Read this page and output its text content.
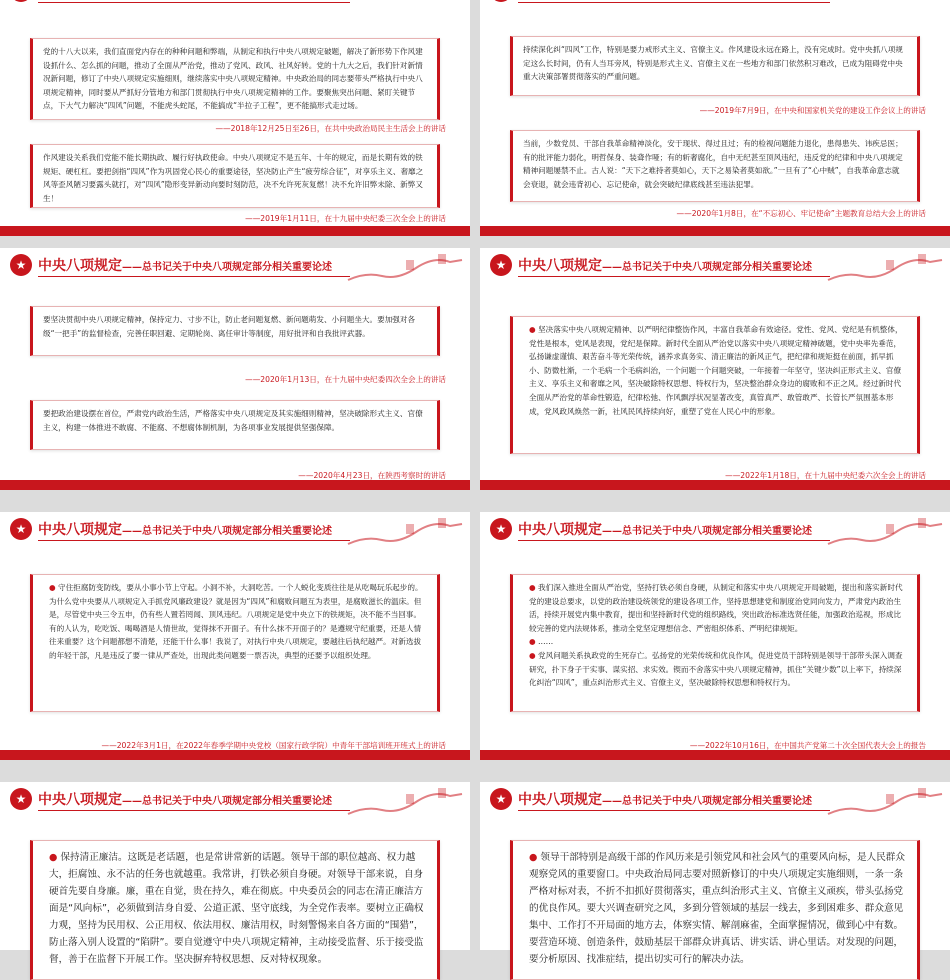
党的十八大以来，我们直面党内存在的种种问题和弊端，从制定和执行中央八项规定破题，解决了新形势下作风建设抓什么、怎么抓的问题，推动了全面从严治党，推动了党风、政风、社风好转。党的十九大之后，我们针对新情况新问题，修订了中央八项规定实施细则，继续落实中央八项规定精神。中央政治局的同志要带头严格执行中央八项规定精神，同时要从严抓好分管地方和部门贯彻执行中央八项规定精神的工作。要聚焦突出问题、紧盯关键节点，下大气力解决“四风”问题，不能虎头蛇尾，不能搞成“半拉子工程”，更不能搞形式走过场。

——2018年12月25日至26日，在共中央政治局民主生活会上的讲话

作风建设关系我们党能不能长期执政、履行好执政使命。中央八项规定不是五年、十年的规定，而是长期有效的铁规矩、硬杠杠。要把剑指“四风”作为巩固党心民心的重要途径，坚决防止产生“疲劳综合征”，对享乐主义、奢靡之风等歪风陋习要露头就打，对“四风”隐形变异新动向要时刻防范，决不允许死灰复燃！决不允许旧弊未除、新弊又生！

——2019年1月11日，在十九届中央纪委三次全会上的讲话

持续深化纠“四风”工作，特别是要力戒形式主义、官僚主义。作风建设永远在路上，没有完成时。党中央抓八项规定这么长时间，仍有人当耳旁风，特别是形式主义、官僚主义在一些地方和部门依然积习难改，已成为阻碍党中央重大决策部署贯彻落实的严重问题。

——2019年7月9日，在中央和国家机关党的建设工作会议上的讲话

当前，少数党员、干部自我革命精神淡化，安于现状、得过且过；有的检视问题能力退化，患得患失、讳疾忌医；有的批评能力弱化，明哲保身、装聋作哑；有的斩奢腐化，自中无纪甚至顶风违纪，违反党的纪律和中央八项规定精神问题屡禁不止。古人说：“天下之难持者莫如心，天下之易染者莫如欲。”一旦有了“心中贼”，自我革命意志就会衰退，就会违背初心、忘记使命，就会突破纪律底线甚至违法犯罪。

——2020年1月8日，在“不忘初心、牢记使命”主题教育总结大会上的讲话
★ 中央八项规定——总书记关于中央八项规定部分相关重要论述

要坚决贯彻中央八项规定精神，保持定力、寸步不让，防止老问题复燃、新问题萌发、小问题坐大。要加强对各级“一把手”的监督检查，完善任职回避、定期轮岗、离任审计等制度，用好批评和自我批评武器。

——2020年1月13日，在十九届中央纪委四次全会上的讲话

要把政治建设摆在首位，严肃党内政治生活，严格落实中央八项规定及其实施细则精神，坚决破除形式主义、官僚主义，构建一体推进不敢腐、不能腐、不想腐体制机制，为各项事业发展提供坚强保障。

——2020年4月23日，在陕西考察时的讲话
★ 中央八项规定——总书记关于中央八项规定部分相关重要论述

● 坚决落实中央八项规定精神、以严明纪律整饬作风，丰富自我革命有效途径。党性、党风、党纪是有机整体，党性是根本，党风是表现，党纪是保障。新时代全面从严治党以落实中央八项规定精神破题，党中央率先垂范，弘扬谦虚谨慎、艰苦奋斗等光荣传统，涵养求真务实、清正廉洁的新风正气，把纪律和规矩挺在前面，抓早抓小、防微杜渐，一个毛病一个毛病纠治，一个问题一个问题突破，一年接着一年坚守，坚决纠正形式主义、官僚主义、享乐主义和奢靡之风，坚决破除特权思想、特权行为，坚决整治群众身边的腐败和不正之风。经过新时代全面从严治党的革命性锻造，纪律松弛、作风飘浮状况显著改变，真管真严、敢管敢严、长管长严氛围基本形成，党风政风焕然一新，社风民风持续向好，重塑了党在人民心中的形象。

——2022年1月18日，在十九届中央纪委六次全会上的讲话
★ 中央八项规定——总书记关于中央八项规定部分相关重要论述

● 守住拒腐防变防线，要从小事小节上守起。小洞不补，大洞吃苦。一个人蜕化变质往往是从吃喝玩乐起步的。为什么党中央要从八项规定入手抓党风廉政建设？就是因为“四风”和腐败问题互为表里，是腐败滋长的温床。但是，尽管党中央三令五申，仍有些人置若罔闻、顶风违纪。八项规定是党中央立下的铁规矩，决不能不当回事。有的人认为，吃吃饭、喝喝酒是人情世故，觉得抹不开面子。有什么抹不开面子的？是遵规守纪重要，还是人情往来重要？这个问题都想不清楚，还能干什么事！我说了，对执行中央八项规定，要越往后执纪越严。对新选拔的年轻干部，凡是违反了要一律从严查处，出现此类问题要一票否决，典型的还要予以组织处理。

——2022年3月1日，在2022年春季学期中央党校（国家行政学院）中青年干部培训班开班式上的讲话
★ 中央八项规定——总书记关于中央八项规定部分相关重要论述

● 我们深入推进全面从严治党，坚持打铁必须自身硬，从制定和落实中央八项规定开局破题，提出和落实新时代党的建设总要求，以党的政治建设统领党的建设各项工作，坚持思想建党和制度治党同向发力，严肃党内政治生活，持续开展党内集中教育，提出和坚持新时代党的组织路线，突出政治标准选贤任能，加强政治巡视，形成比较完善的党内法规体系，推动全党坚定理想信念、严密组织体系、严明纪律规矩。
● ……
● 党风问题关系执政党的生死存亡。弘扬党的光荣传统和优良作风，促进党员干部特别是领导干部带头深入调查研究，扑下身子干实事、谋实招、求实效。锲而不舍落实中央八项规定精神，抓住“关键少数”以上率下，持续深化纠治“四风”，重点纠治形式主义、官僚主义，坚决破除特权思想和特权行为。

——2022年10月16日，在中国共产党第二十次全国代表大会上的报告
★ 中央八项规定——总书记关于中央八项规定部分相关重要论述

● 保持清正廉洁。这既是老话题，也是常讲常新的话题。领导干部的职位越高、权力越大，拒腐蚀、永不沾的任务也就越重。我常讲，打铁必须自身硬。对领导干部来说，自身硬首先要自身廉。廉，重在自觉，贵在持久，难在彻底。中央委员会的同志在清正廉洁方面是“风向标”，必须做到洁身自爱、公道正派、坚守底线，为全党作表率。要树立正确权力观，坚持为民用权、公正用权、依法用权、廉洁用权，时刻警惕来自各方面的“围猎”，防止落入别人设置的“陷阱”。要自觉遵守中央八项规定精神，主动接受监督、乐于接受监督，善于在监督下开展工作。坚决摒弃特权思想、反对特权现象。

★ 中央八项规定——总书记关于中央八项规定部分相关重要论述

● 领导干部特别是高级干部的作风历来是引领党风和社会风气的重要风向标，是人民群众观察党风的重要窗口。中央政治局同志要对照新修订的中央八项规定实施细则，一条一条严格对标对表，不折不扣抓好贯彻落实，重点纠治形式主义、官僚主义顽疾，带头弘扬党的优良作风。要大兴调查研究之风，多到分管领域的基层一线去，多到困难多、群众意见集中、工作打不开局面的地方去，体察实情、解剖麻雀，全面掌握情况，做到心中有数。要营造环境、创造条件，鼓励基层干部群众讲真话、讲实话、讲心里话。对发现的问题，要分析原因、找准症结，提出切实可行的解决办法。
